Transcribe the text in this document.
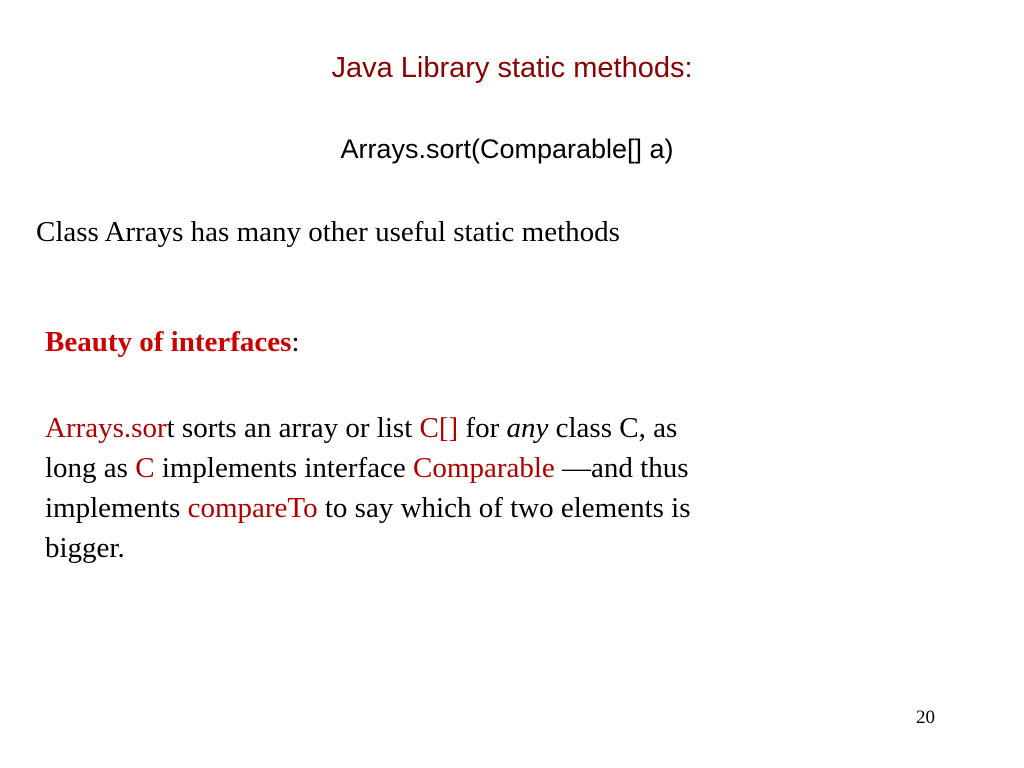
Java Library static methods:
Arrays.sort(Comparable[] a)
Class Arrays has many other useful static methods
Beauty of interfaces:
Arrays.sort sorts an array or list C[] for any class C, as
long as C implements interface Comparable —and thus
implements compareTo to say which of two elements is
bigger.
20
